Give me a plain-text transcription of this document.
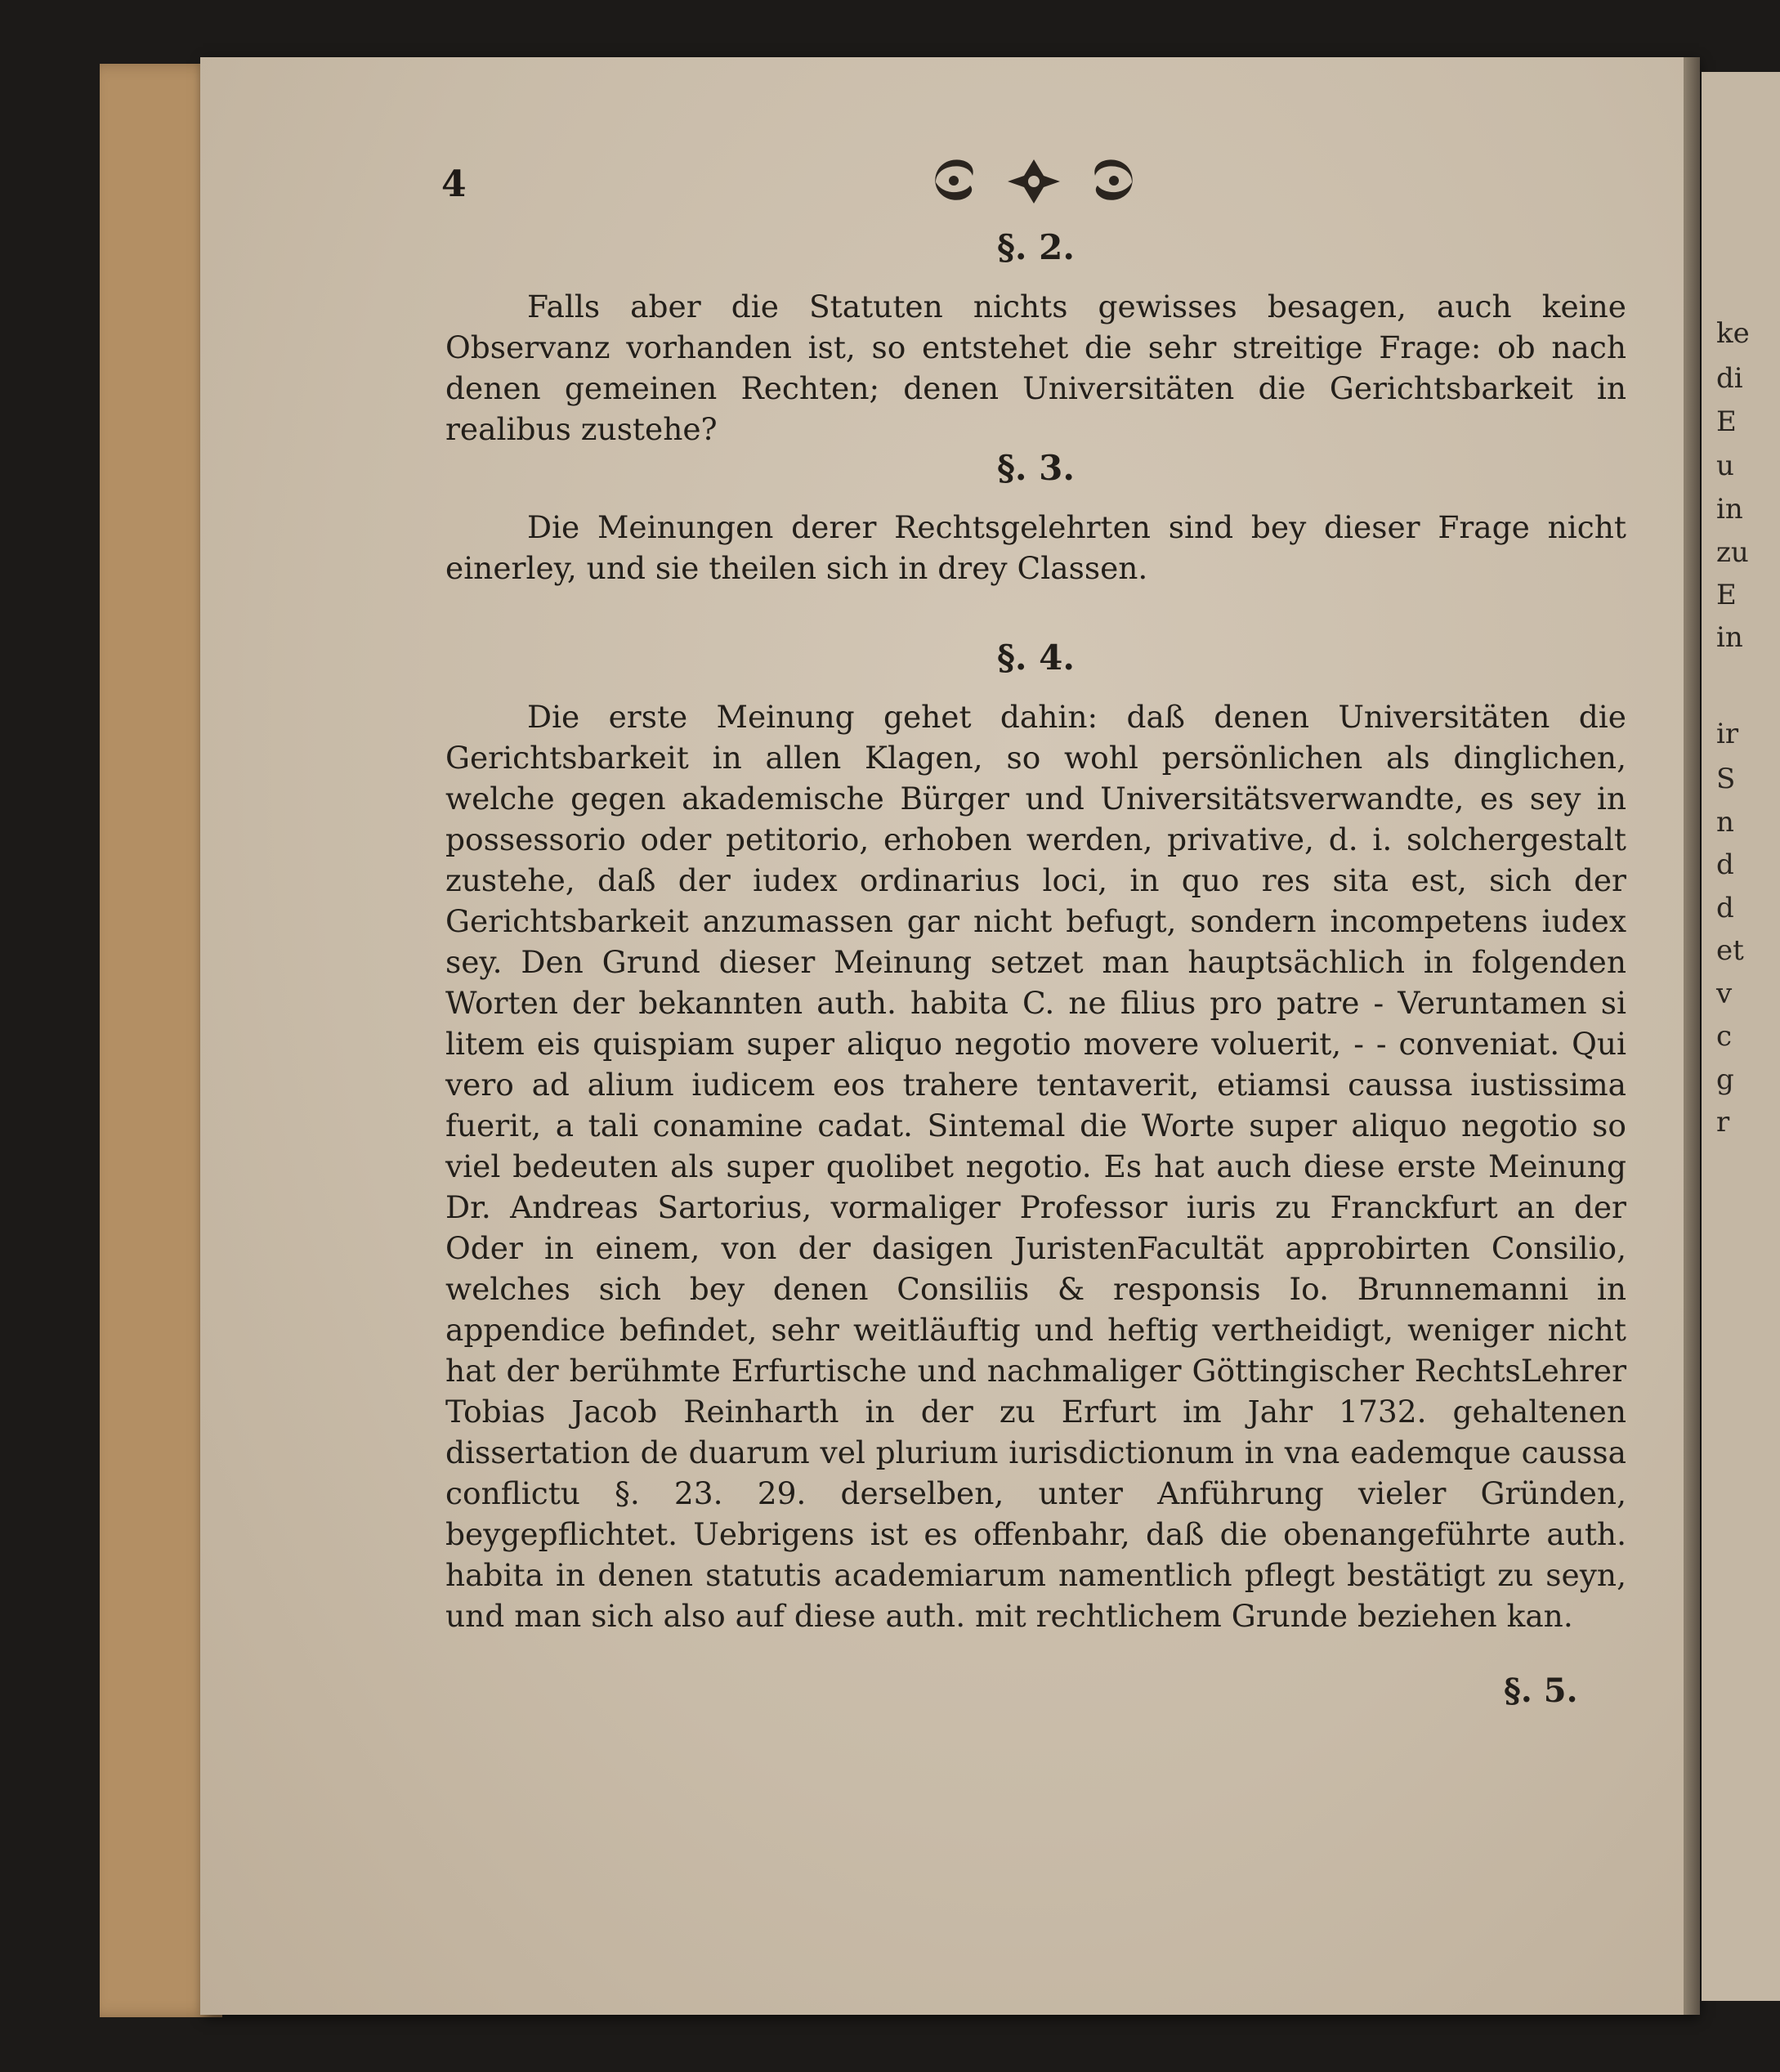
ke
di
E
u
in
zu
E
in
ir
S
n
d
d
et
v
c
g
r
4
§. 2.

Falls aber die Statuten nichts gewisses besagen, auch keine Observanz vorhanden ist, so entstehet die sehr streitige Frage: ob nach denen gemeinen Rechten; denen Universitäten die Gerichtsbarkeit in realibus zustehe?

§. 3.

Die Meinungen derer Rechtsgelehrten sind bey dieser Frage nicht einerley, und sie theilen sich in drey Classen.

§. 4.

Die erste Meinung gehet dahin: daß denen Universitäten die Gerichtsbarkeit in allen Klagen, so wohl persönlichen als dinglichen, welche gegen akademische Bürger und Universitätsverwandte, es sey in possessorio oder petitorio, erhoben werden, privative, d. i. solchergestalt zustehe, daß der iudex ordinarius loci, in quo res sita est, sich der Gerichtsbarkeit anzumassen gar nicht befugt, sondern incompetens iudex sey. Den Grund dieser Meinung setzet man hauptsächlich in folgenden Worten der bekannten auth. habita C. ne filius pro patre - Veruntamen si litem eis quispiam super aliquo negotio movere voluerit, - - conveniat. Qui vero ad alium iudicem eos trahere tentaverit, etiamsi caussa iustissima fuerit, a tali conamine cadat. Sintemal die Worte super aliquo negotio so viel bedeuten als super quolibet negotio. Es hat auch diese erste Meinung Dr. Andreas Sartorius, vormaliger Professor iuris zu Franckfurt an der Oder in einem, von der dasigen JuristenFacultät approbirten Consilio, welches sich bey denen Consiliis & responsis Io. Brunnemanni in appendice befindet, sehr weitläuftig und heftig vertheidigt, weniger nicht hat der berühmte Erfurtische und nachmaliger Göttingischer RechtsLehrer Tobias Jacob Reinharth in der zu Erfurt im Jahr 1732. gehaltenen dissertation de duarum vel plurium iurisdictionum in vna eademque caussa conflictu §. 23. 29. derselben, unter Anführung vieler Gründen, beygepflichtet. Uebrigens ist es offenbahr, daß die obenangeführte auth. habita in denen statutis academiarum namentlich pflegt bestätigt zu seyn, und man sich also auf diese auth. mit rechtlichem Grunde beziehen kan.

§. 5.
